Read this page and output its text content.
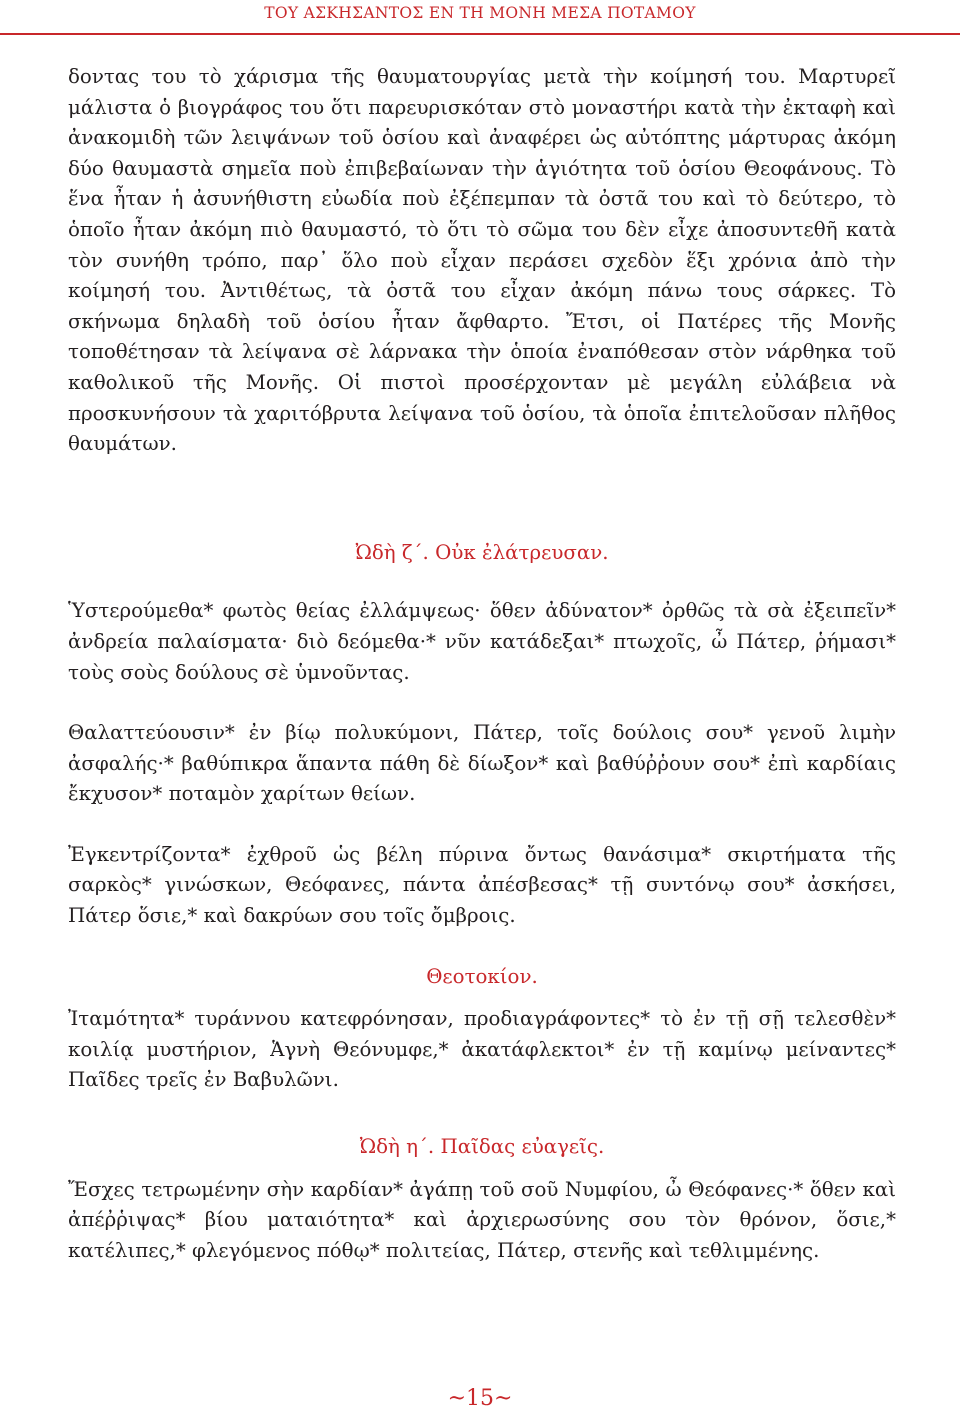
ΤΟΥ ΑΣΚΗΣΑΝΤΟΣ ΕΝ ΤΗ ΜΟΝΗ ΜΕΣΑ ΠΟΤΑΜΟΥ

δοντας του τὸ χάρισμα τῆς θαυματουργίας μετὰ τὴν κοίμησή του. Μαρτυρεῖ μάλιστα ὁ βιογράφος του ὅτι παρευρισκόταν στὸ μοναστήρι κατὰ τὴν ἐκταφὴ καὶ ἀνακομιδὴ τῶν λειψάνων τοῦ ὁσίου καὶ ἀναφέρει ὡς αὐτόπτης μάρτυρας ἀκόμη δύο θαυμαστὰ σημεῖα ποὺ ἐπιβεβαίωναν τὴν ἁγιότητα τοῦ ὁσίου Θεοφάνους. Τὸ ἕνα ἦταν ἡ ἀσυνήθιστη εὐωδία ποὺ ἐξέπεμπαν τὰ ὀστᾶ του καὶ τὸ δεύτερο, τὸ ὁποῖο ἦταν ἀκόμη πιὸ θαυμαστό, τὸ ὅτι τὸ σῶμα του δὲν εἶχε ἀποσυντεθῆ κατὰ τὸν συνήθη τρόπο, παρ᾽ ὅλο ποὺ εἶχαν περάσει σχεδὸν ἕξι χρόνια ἀπὸ τὴν κοίμησή του. Ἀντιθέτως, τὰ ὀστᾶ του εἶχαν ἀκόμη πάνω τους σάρκες. Τὸ σκήνωμα δηλαδὴ τοῦ ὁσίου ἦταν ἄφθαρτο. Ἔτσι, οἱ Πατέρες τῆς Μονῆς τοποθέτησαν τὰ λείψανα σὲ λάρνακα τὴν ὁποία ἐναπόθεσαν στὸν νάρθηκα τοῦ καθολικοῦ τῆς Μονῆς. Οἱ πιστοὶ προσέρχονταν μὲ μεγάλη εὐλάβεια νὰ προσκυνήσουν τὰ χαριτόβρυτα λείψανα τοῦ ὁσίου, τὰ ὁποῖα ἐπιτελοῦσαν πλῆθος θαυμάτων.

Ὠδὴ ζ΄. Οὐκ ἐλάτρευσαν.

Ὑστερούμεθα* φωτὸς θείας ἐλλάμψεως· ὅθεν ἀδύνατον* ὀρθῶς τὰ σὰ ἐξειπεῖν* ἀνδρεία παλαίσματα· διὸ δεόμεθα·* νῦν κατάδεξαι* πτωχοῖς, ὦ Πάτερ, ῥήμασι* τοὺς σοὺς δούλους σὲ ὑμνοῦντας.

Θαλαττεύουσιν* ἐν βίῳ πολυκύμονι, Πάτερ, τοῖς δούλοις σου* γενοῦ λιμὴν ἀσφαλής·* βαθύπικρα ἅπαντα πάθη δὲ δίωξον* καὶ βαθύῤῥουν σου* ἐπὶ καρδίαις ἔκχυσον* ποταμὸν χαρίτων θείων.

Ἐγκεντρίζοντα* ἐχθροῦ ὡς βέλη πύρινα ὄντως θανάσιμα* σκιρτήματα τῆς σαρκὸς* γινώσκων, Θεόφανες, πάντα ἀπέσβεσας* τῇ συντόνῳ σου* ἀσκήσει, Πάτερ ὅσιε,* καὶ δακρύων σου τοῖς ὄμβροις.

Θεοτοκίον.

Ἰταμότητα* τυράννου κατεφρόνησαν, προδιαγράφοντες* τὸ ἐν τῇ σῇ τελεσθὲν* κοιλίᾳ μυστήριον, Ἁγνὴ Θεόνυμφε,* ἀκατάφλεκτοι* ἐν τῇ καμίνῳ μείναντες* Παῖδες τρεῖς ἐν Βαβυλῶνι.

Ὠδὴ η΄. Παῖδας εὐαγεῖς.

Ἔσχες τετρωμένην σὴν καρδίαν* ἀγάπῃ τοῦ σοῦ Νυμφίου, ὦ Θεόφανες·* ὅθεν καὶ ἀπέῤῥιψας* βίου ματαιότητα* καὶ ἀρχιερωσύνης σου τὸν θρόνον, ὅσιε,* κατέλιπες,* φλεγόμενος πόθῳ* πολιτείας, Πάτερ, στενῆς καὶ τεθλιμμένης.

~15~
